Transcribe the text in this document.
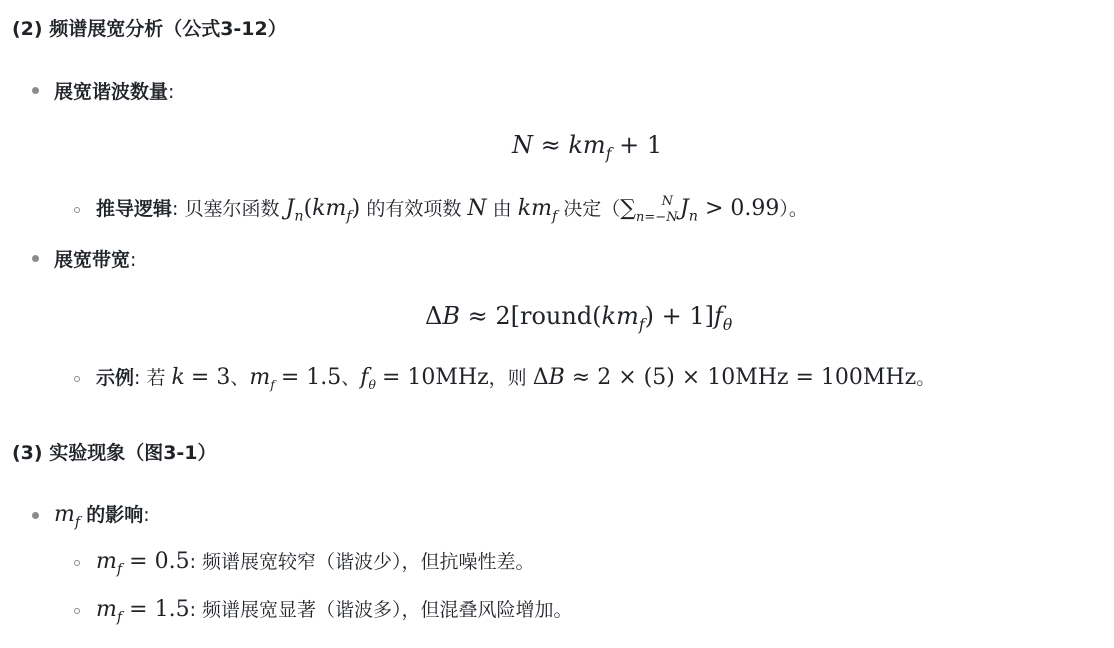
(2) 频谱展宽分析（公式3-12）
展宽谐波数量:
$N \approx km_f + 1$
推导逻辑: 贝塞尔函数 $J_n(km_f)$ 的有效项数 N 由 $km_f$ 决定（∑n=−NN $J_n > 0.99$）。
展宽带宽:
$\Delta B \approx 2[round(km_f) + 1]f_\theta$
示例: 若 k = 3、$m_f = 1.5$、$f_\theta = 10MHz$，则 ΔB ≈ 2 × (5) × 10MHz = 100MHz。
(3) 实验现象（图3-1）
$m_f$ 的影响:
$m_f = 0.5$: 频谱展宽较窄（谐波少），但抗噪性差。
$m_f = 1.5$: 频谱展宽显著（谐波多），但混叠风险增加。
